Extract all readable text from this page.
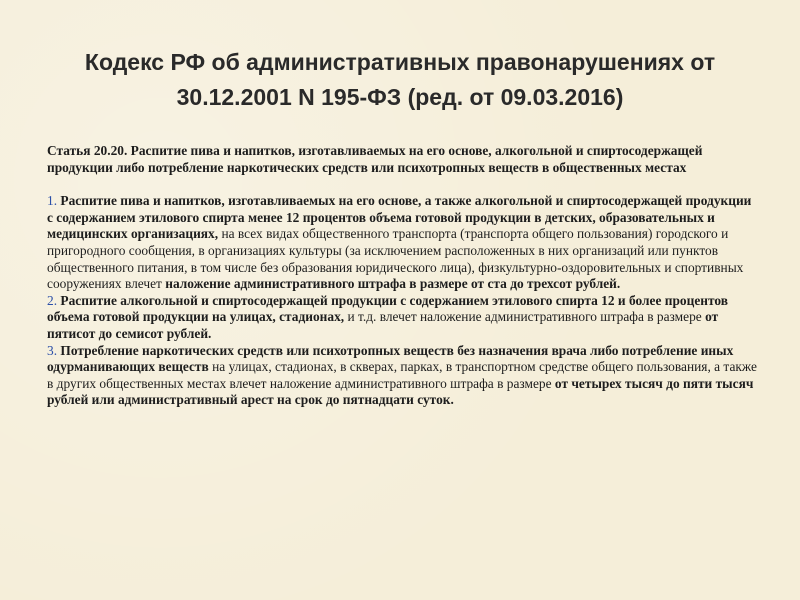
Кодекс РФ об административных правонарушениях от
30.12.2001 N 195-ФЗ (ред. от 09.03.2016)

Статья 20.20. Распитие пива и напитков, изготавливаемых на его основе, алкогольной и спиртосодержащей продукции либо потребление наркотических средств или психотропных веществ в общественных местах

1. Распитие пива и напитков, изготавливаемых на его основе, а также алкогольной и спиртосодержащей продукции с содержанием этилового спирта менее 12 процентов объема готовой продукции в детских, образовательных и медицинских организациях, на всех видах общественного транспорта (транспорта общего пользования) городского и пригородного сообщения, в организациях культуры (за исключением расположенных в них организаций или пунктов общественного питания, в том числе без образования юридического лица), физкультурно-оздоровительных и спортивных сооружениях влечет наложение административного штрафа в размере от ста до трехсот рублей.

2. Распитие алкогольной и спиртосодержащей продукции с содержанием этилового спирта 12 и более процентов объема готовой продукции на улицах, стадионах, и т.д. влечет наложение административного штрафа в размере от пятисот до семисот рублей.

3. Потребление наркотических средств или психотропных веществ без назначения врача либо потребление иных одурманивающих веществ на улицах, стадионах, в скверах, парках, в транспортном средстве общего пользования, а также в других общественных местах влечет наложение административного штрафа в размере от четырех тысяч до пяти тысяч рублей или административный арест на срок до пятнадцати суток.
